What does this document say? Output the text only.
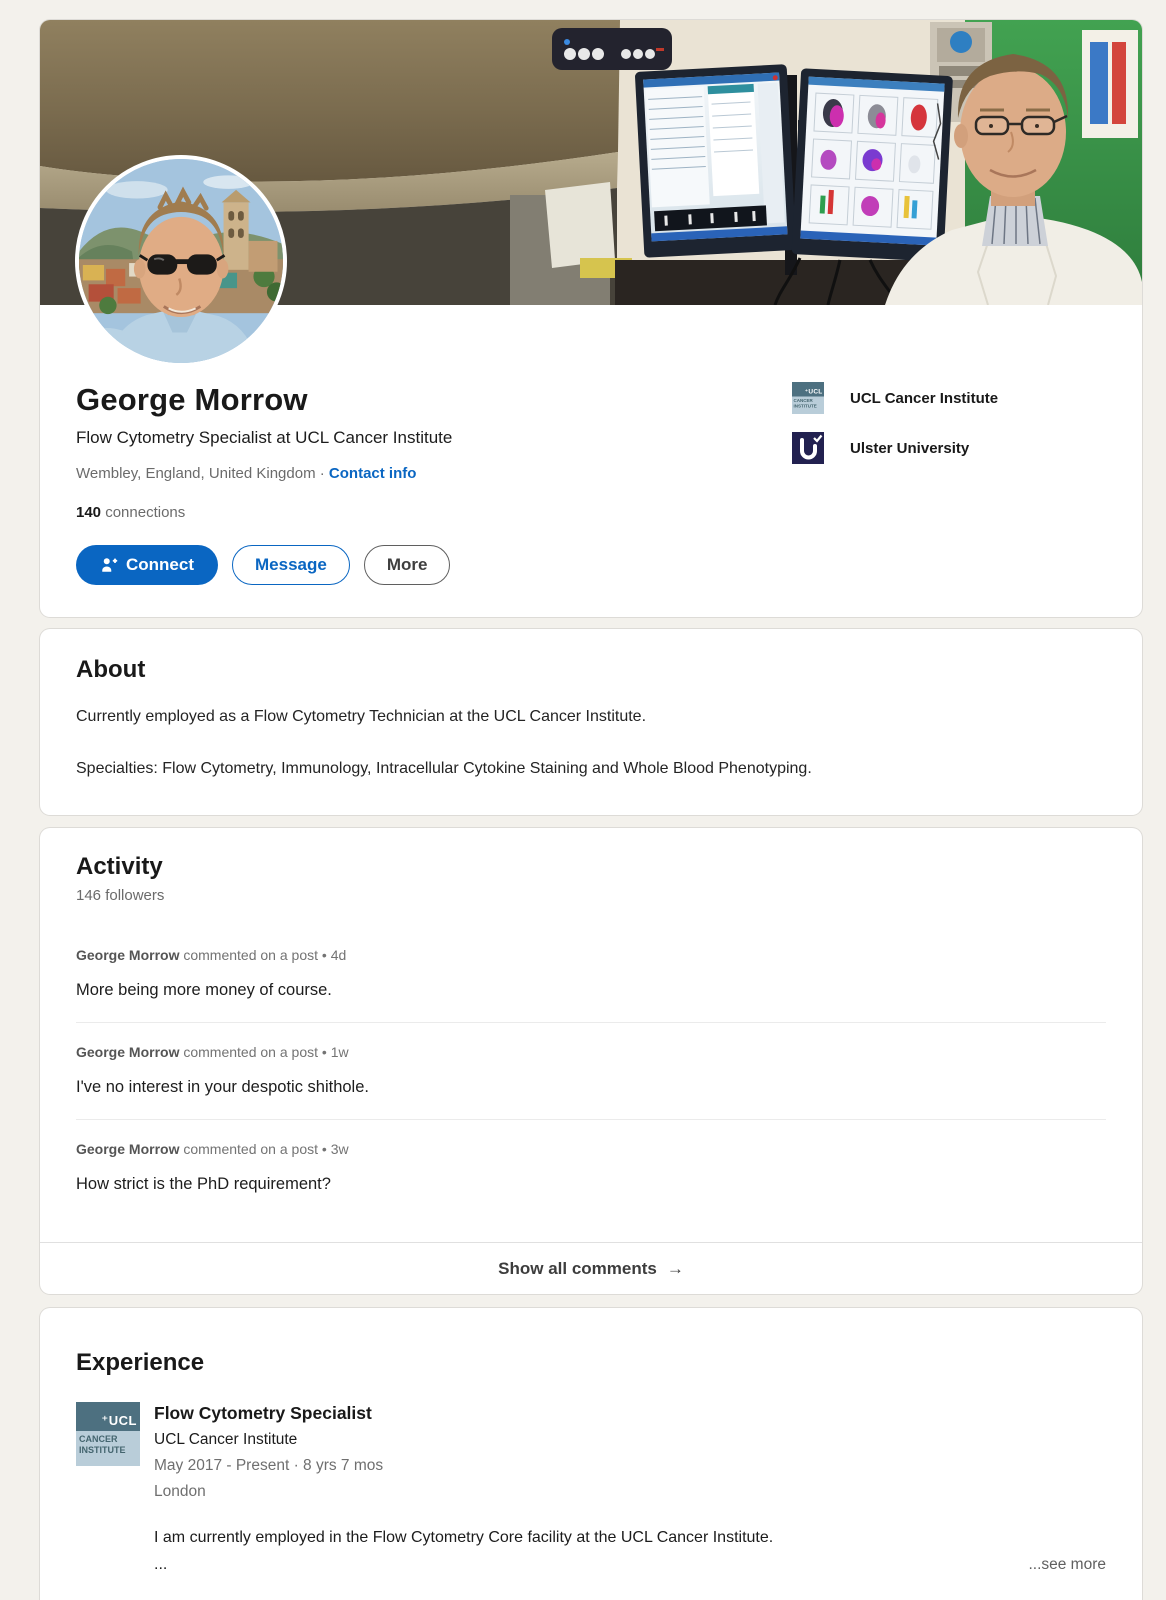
George Morrow
Flow Cytometry Specialist at UCL Cancer Institute
Wembley, England, United Kingdom · Contact info
140 connections
Connect	Message	More
⁺UCL
CANCER
INSTITUTE	UCL Cancer Institute
Ulster University
About

Currently employed as a Flow Cytometry Technician at the UCL Cancer Institute.

Specialties: Flow Cytometry, Immunology, Intracellular Cytokine Staining and Whole Blood Phenotyping.

Activity
146 followers
George Morrow commented on a post • 4d
More being more money of course.
George Morrow commented on a post • 1w
I've no interest in your despotic shithole.
George Morrow commented on a post • 3w
How strict is the PhD requirement?
Show all comments →
Experience
⁺UCL
CANCER
INSTITUTE
Flow Cytometry Specialist
UCL Cancer Institute
May 2017 - Present · 8 yrs 7 mos
London
I am currently employed in the Flow Cytometry Core facility at the UCL Cancer Institute.
...	...see more
